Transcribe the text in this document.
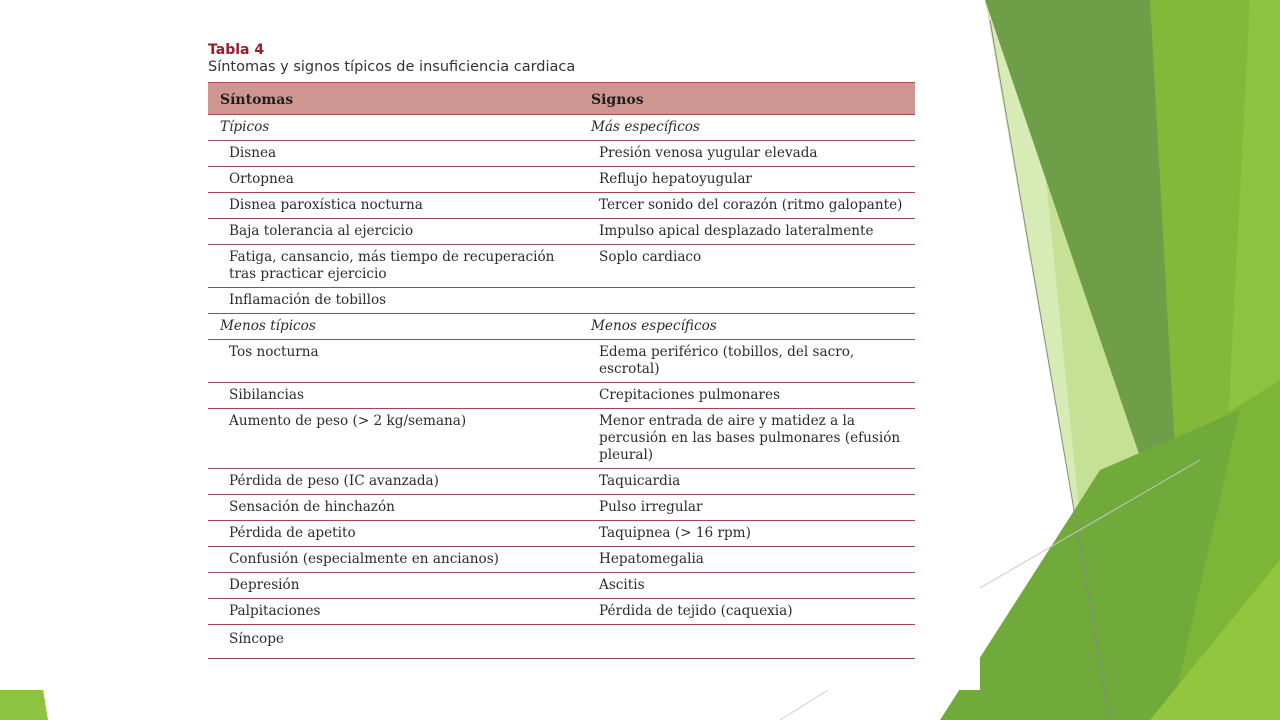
Tabla 4
Síntomas y signos típicos de insuficiencia cardiaca
Síntomas	Signos
Típicos	Más específicos
Disnea	Presión venosa yugular elevada
Ortopnea	Reflujo hepatoyugular
Disnea paroxística nocturna	Tercer sonido del corazón (ritmo galopante)
Baja tolerancia al ejercicio	Impulso apical desplazado lateralmente
Fatiga, cansancio, más tiempo de recuperación tras practicar ejercicio	Soplo cardiaco
Inflamación de tobillos	
Menos típicos	Menos específicos
Tos nocturna	Edema periférico (tobillos, del sacro, escrotal)
Sibilancias	Crepitaciones pulmonares
Aumento de peso (> 2 kg/semana)	Menor entrada de aire y matidez a la percusión en las bases pulmonares (efusión pleural)
Pérdida de peso (IC avanzada)	Taquicardia
Sensación de hinchazón	Pulso irregular
Pérdida de apetito	Taquipnea (> 16 rpm)
Confusión (especialmente en ancianos)	Hepatomegalia
Depresión	Ascitis
Palpitaciones	Pérdida de tejido (caquexia)
Síncope	
